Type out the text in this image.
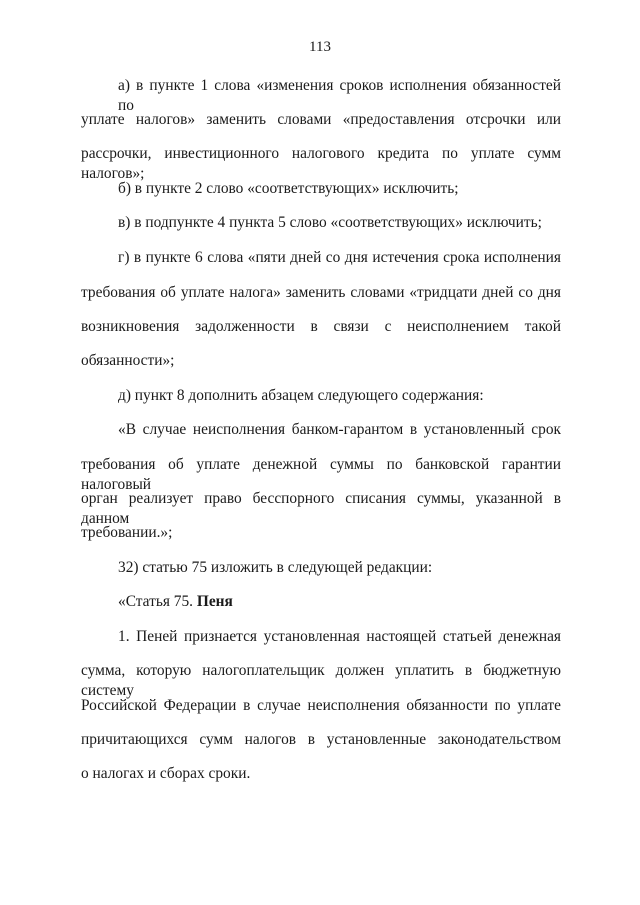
113
а) в пункте 1 слова «изменения сроков исполнения обязанностей по
уплате налогов» заменить словами «предоставления отсрочки или
рассрочки, инвестиционного налогового кредита по уплате сумм налогов»;
б) в пункте 2 слово «соответствующих» исключить;
в) в подпункте 4 пункта 5 слово «соответствующих» исключить;
г) в пункте 6 слова «пяти дней со дня истечения срока исполнения
требования об уплате налога» заменить словами «тридцати дней со дня
возникновения задолженности в связи с неисполнением такой
обязанности»;
д) пункт 8 дополнить абзацем следующего содержания:
«В случае неисполнения банком-гарантом в установленный срок
требования об уплате денежной суммы по банковской гарантии налоговый
орган реализует право бесспорного списания суммы, указанной в данном
требовании.»;
32) статью 75 изложить в следующей редакции:
«Статья 75. Пеня
1. Пеней признается установленная настоящей статьей денежная
сумма, которую налогоплательщик должен уплатить в бюджетную систему
Российской Федерации в случае неисполнения обязанности по уплате
причитающихся сумм налогов в установленные законодательством
о налогах и сборах сроки.
